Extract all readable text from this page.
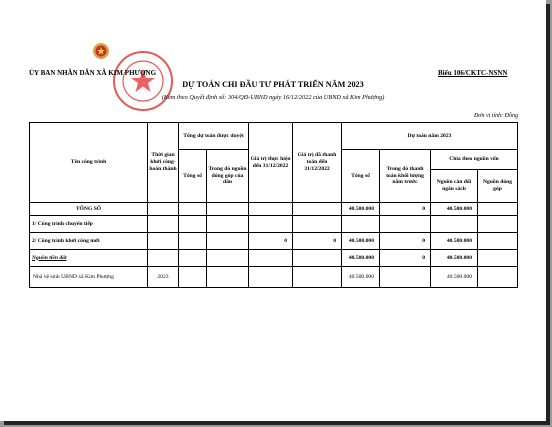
ỦY BAN NHÂN DÂN XÃ KIM PHƯỢNG	Biểu 106/CKTC-NSNN
DỰ TOÁN CHI ĐẦU TƯ PHÁT TRIỂN NĂM 2023
(Kèm theo Quyết định số: 304/QĐ-UBND ngày 16/12/2022 của UBND xã Kim Phượng)
Đơn vị tính: Đồng
Tên công trình	Thời gian khởi công-hoàn thành	Tổng dự toán được duyệt		Giá trị thực hiện đến 31/12/2022	Giá trị đã thanh toán đến 31/12/2022	Dự toán năm 2023			
		Tổng số	Trong đó nguồn đóng góp của dân			Tổng số	Trong đó thanh toán khối lượng năm trước	Chia theo nguồn vốn	
								Nguồn cân đối ngân sách	Nguồn đóng góp
TỔNG SỐ						40.500.000	0	40.500.000	
1/ Công trình chuyển tiếp									
2/ Công trình khởi công mới				0	0	40.500.000	0	40.500.000	
Nguồn tiền đất						40.500.000	0	40.500.000	
Nhà vệ sinh UBND xã Kim Phượng	2023					40.500.000		40.500.000	
